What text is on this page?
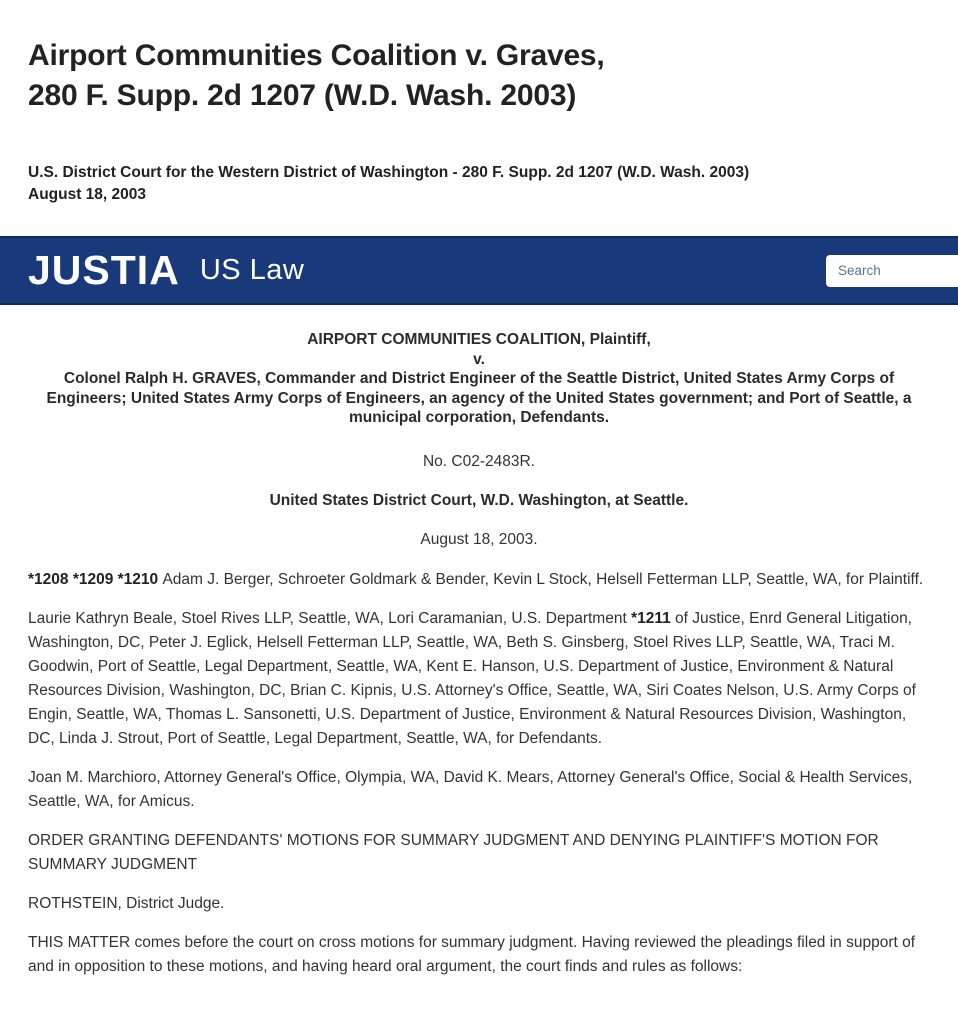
Airport Communities Coalition v. Graves,
280 F. Supp. 2d 1207 (W.D. Wash. 2003)
U.S. District Court for the Western District of Washington - 280 F. Supp. 2d 1207 (W.D. Wash. 2003)
August 18, 2003
JUSTIA US Law
Search

AIRPORT COMMUNITIES COALITION, Plaintiff,

v.

Colonel Ralph H. GRAVES, Commander and District Engineer of the Seattle District, United States Army Corps of Engineers; United States Army Corps of Engineers, an agency of the United States government; and Port of Seattle, a municipal corporation, Defendants.

No. C02-2483R.

United States District Court, W.D. Washington, at Seattle.

August 18, 2003.

*1208 *1209 *1210 Adam J. Berger, Schroeter Goldmark & Bender, Kevin L Stock, Helsell Fetterman LLP, Seattle, WA, for Plaintiff.

Laurie Kathryn Beale, Stoel Rives LLP, Seattle, WA, Lori Caramanian, U.S. Department *1211 of Justice, Enrd General Litigation, Washington, DC, Peter J. Eglick, Helsell Fetterman LLP, Seattle, WA, Beth S. Ginsberg, Stoel Rives LLP, Seattle, WA, Traci M. Goodwin, Port of Seattle, Legal Department, Seattle, WA, Kent E. Hanson, U.S. Department of Justice, Environment & Natural Resources Division, Washington, DC, Brian C. Kipnis, U.S. Attorney's Office, Seattle, WA, Siri Coates Nelson, U.S. Army Corps of Engin, Seattle, WA, Thomas L. Sansonetti, U.S. Department of Justice, Environment & Natural Resources Division, Washington, DC, Linda J. Strout, Port of Seattle, Legal Department, Seattle, WA, for Defendants.

Joan M. Marchioro, Attorney General's Office, Olympia, WA, David K. Mears, Attorney General's Office, Social & Health Services, Seattle, WA, for Amicus.

ORDER GRANTING DEFENDANTS' MOTIONS FOR SUMMARY JUDGMENT AND DENYING PLAINTIFF'S MOTION FOR SUMMARY JUDGMENT

ROTHSTEIN, District Judge.

THIS MATTER comes before the court on cross motions for summary judgment. Having reviewed the pleadings filed in support of and in opposition to these motions, and having heard oral argument, the court finds and rules as follows:
